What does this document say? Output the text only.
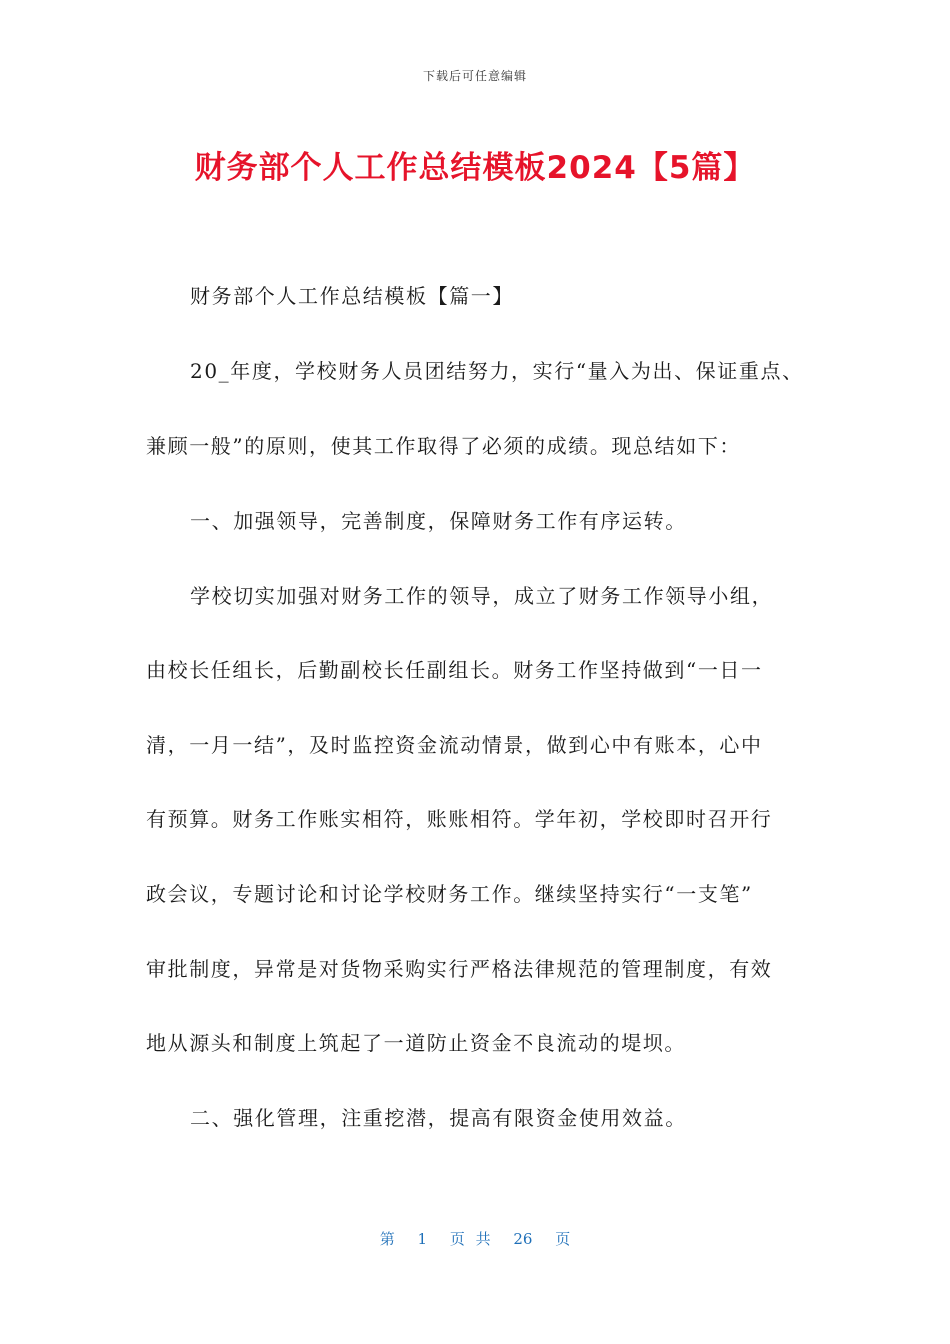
下载后可任意编辑
财务部个人工作总结模板2024【5篇】

财务部个人工作总结模板【篇一】

20_年度，学校财务人员团结努力，实行“量入为出、保证重点、

兼顾一般”的原则，使其工作取得了必须的成绩。现总结如下：

一、加强领导，完善制度，保障财务工作有序运转。

学校切实加强对财务工作的领导，成立了财务工作领导小组，

由校长任组长，后勤副校长任副组长。财务工作坚持做到“一日一

清，一月一结”，及时监控资金流动情景，做到心中有账本，心中

有预算。财务工作账实相符，账账相符。学年初，学校即时召开行

政会议，专题讨论和讨论学校财务工作。继续坚持实行“一支笔”

审批制度，异常是对货物采购实行严格法律规范的管理制度，有效

地从源头和制度上筑起了一道防止资金不良流动的堤坝。

二、强化管理，注重挖潜，提高有限资金使用效益。

第 1 页 共 26 页
